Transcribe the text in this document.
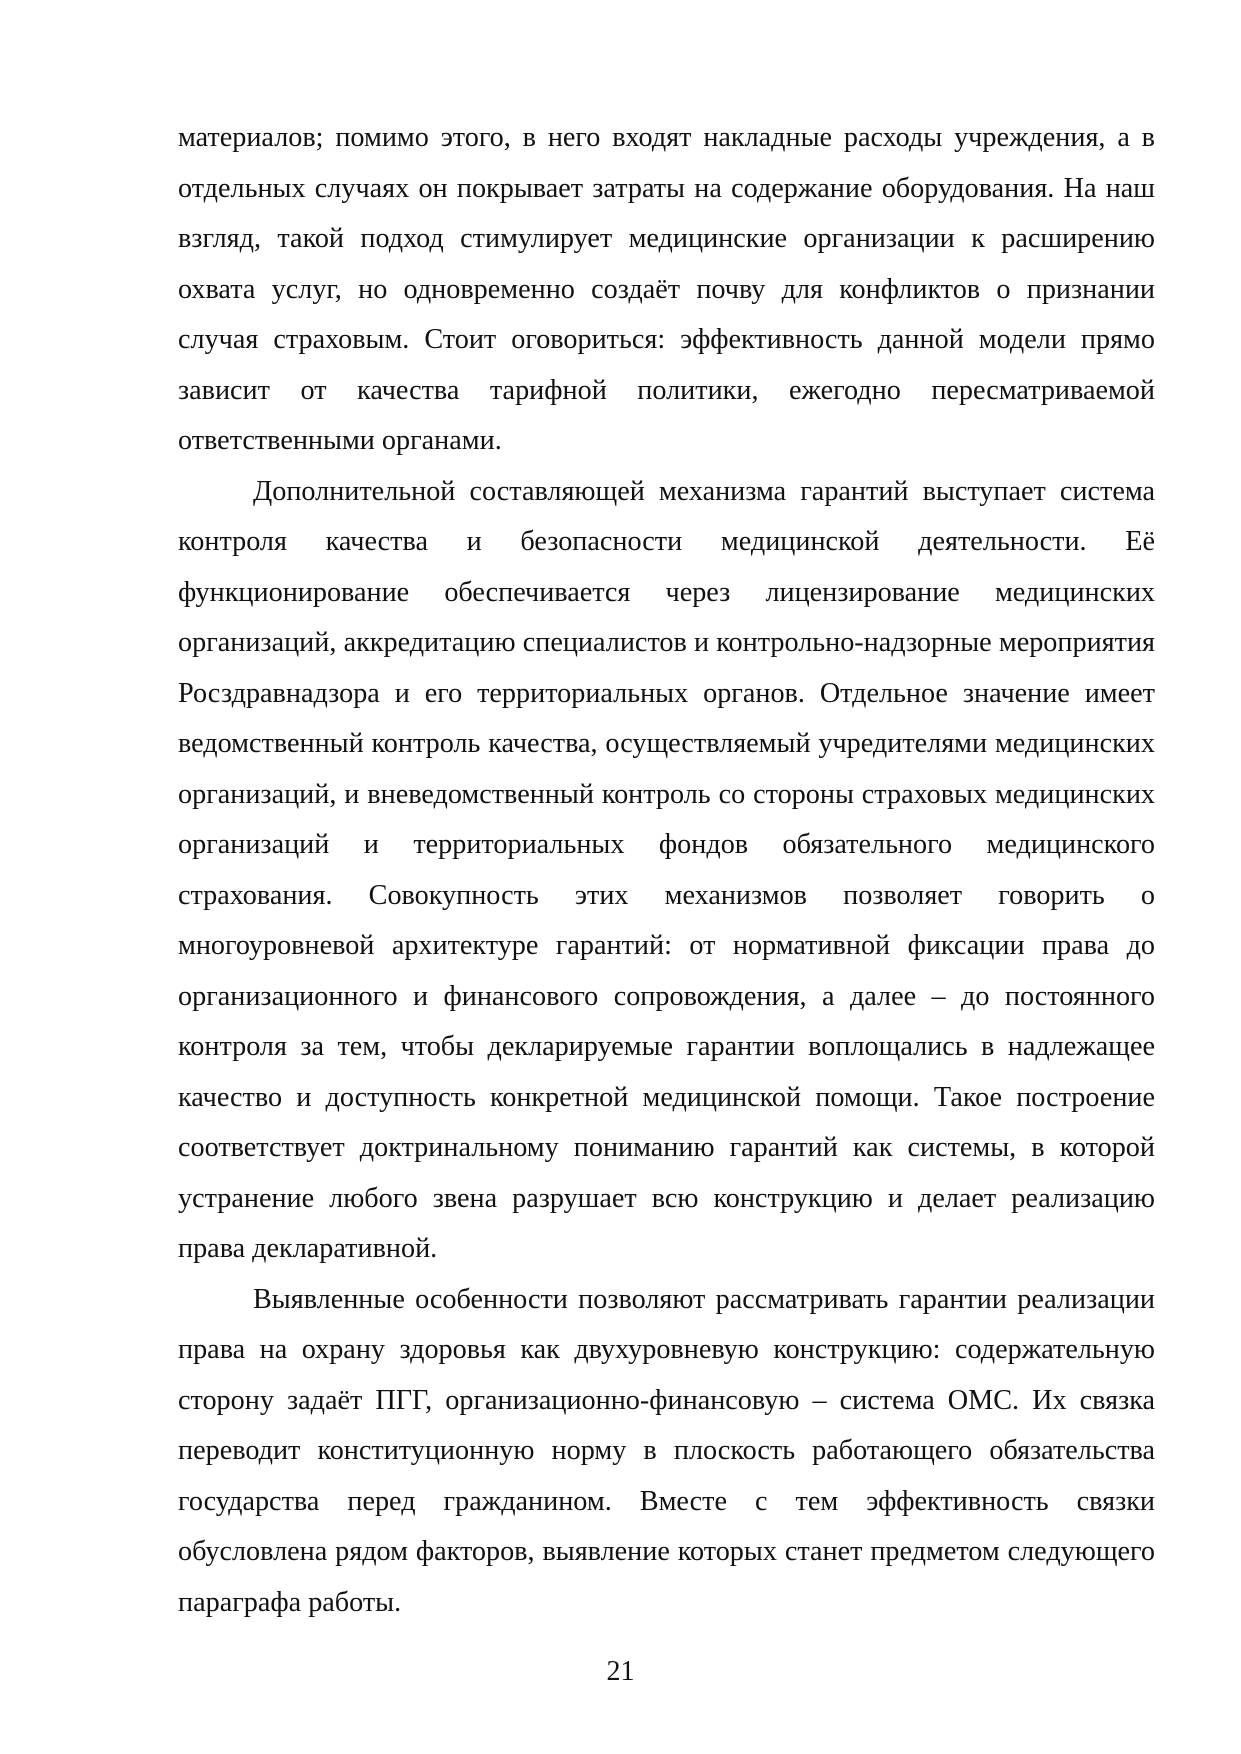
материалов; помимо этого, в него входят накладные расходы учреждения, а в отдельных случаях он покрывает затраты на содержание оборудования. На наш взгляд, такой подход стимулирует медицинские организации к расширению охвата услуг, но одновременно создаёт почву для конфликтов о признании случая страховым. Стоит оговориться: эффективность данной модели прямо зависит от качества тарифной политики, ежегодно пересматриваемой ответственными органами.

Дополнительной составляющей механизма гарантий выступает система контроля качества и безопасности медицинской деятельности. Её функционирование обеспечивается через лицензирование медицинских организаций, аккредитацию специалистов и контрольно-надзорные мероприятия Росздравнадзора и его территориальных органов. Отдельное значение имеет ведомственный контроль качества, осуществляемый учредителями медицинских организаций, и вневедомственный контроль со стороны страховых медицинских организаций и территориальных фондов обязательного медицинского страхования. Совокупность этих механизмов позволяет говорить о многоуровневой архитектуре гарантий: от нормативной фиксации права до организационного и финансового сопровождения, а далее – до постоянного контроля за тем, чтобы декларируемые гарантии воплощались в надлежащее качество и доступность конкретной медицинской помощи. Такое построение соответствует доктринальному пониманию гарантий как системы, в которой устранение любого звена разрушает всю конструкцию и делает реализацию права декларативной.

Выявленные особенности позволяют рассматривать гарантии реализации права на охрану здоровья как двухуровневую конструкцию: содержательную сторону задаёт ПГГ, организационно-финансовую – система ОМС. Их связка переводит конституционную норму в плоскость работающего обязательства государства перед гражданином. Вместе с тем эффективность связки обусловлена рядом факторов, выявление которых станет предметом следующего параграфа работы.

21
